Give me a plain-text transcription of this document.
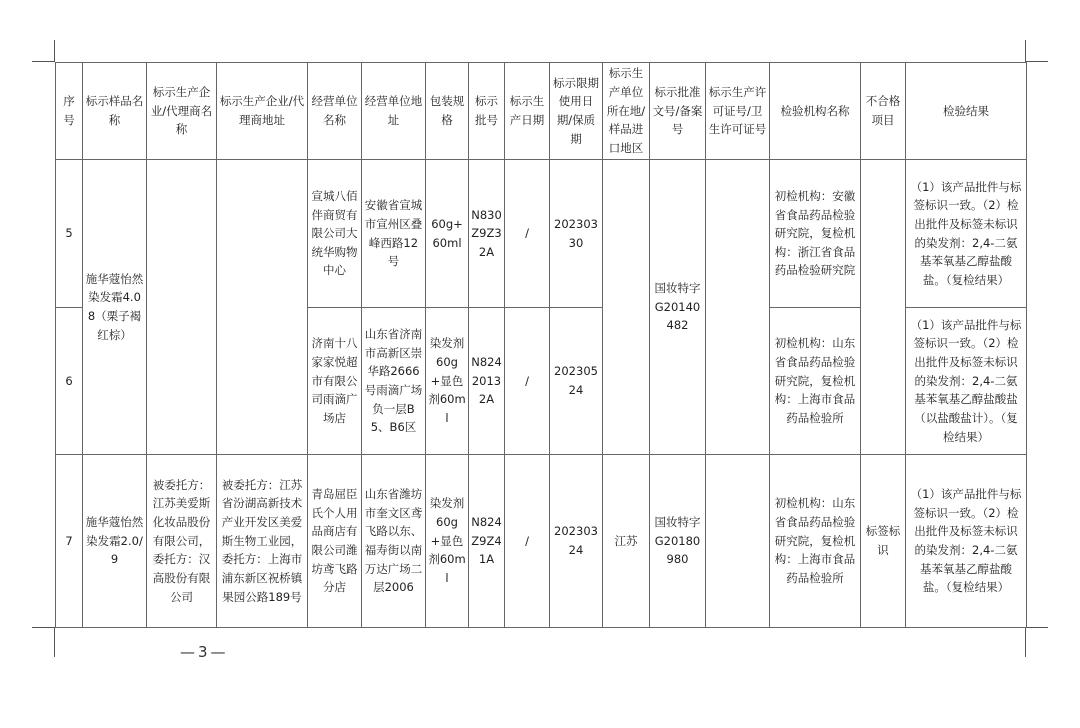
序号	标示样品名称	标示生产企业/代理商名称	标示生产企业/代理商地址	经营单位名称	经营单位地址	包装规格	标示批号	标示生产日期	标示限期使用日期/保质期	标示生产单位所在地/样品进口地区	标示批准文号/备案号	标示生产许可证号/卫生许可证号	检验机构名称	不合格项目	检验结果
5	施华蔻怡然染发霜4.08（栗子褐红棕）			宣城八佰伴商贸有限公司大统华购物中心	安徽省宣城市宣州区叠峰西路12号	60g+60ml	N830Z9Z32A	/	20230330		国妆特字G20140482		初检机构：安徽省食品药品检验研究院，复检机构：浙江省食品药品检验研究院		（1）该产品批件与标签标识一致。（2）检出批件及标签未标识的染发剂：2,4-二氨基苯氧基乙醇盐酸盐。（复检结果）
6				济南十八家家悦超市有限公司雨滴广场店	山东省济南市高新区崇华路2666号雨滴广场负一层B5、B6区	染发剂60g+显色剂60ml	N82420132A	/	20230524				初检机构：山东省食品药品检验研究院，复检机构：上海市食品药品检验所		（1）该产品批件与标签标识一致。（2）检出批件及标签未标识的染发剂：2,4-二氨基苯氧基乙醇盐酸盐（以盐酸盐计）。（复检结果）
7	施华蔻怡然染发霜2.0/9	被委托方：江苏美爱斯化妆品股份有限公司，委托方：汉高股份有限公司	被委托方：江苏省汾湖高新技术产业开发区美爱斯生物工业园，委托方：上海市浦东新区祝桥镇果园公路189号	青岛屈臣氏个人用品商店有限公司潍坊鸢飞路分店	山东省潍坊市奎文区鸢飞路以东、福寿街以南万达广场二层2006	染发剂60g+显色剂60ml	N824Z9Z41A	/	20230324	江苏	国妆特字G20180980		初检机构：山东省食品药品检验研究院，复检机构：上海市食品药品检验所	标签标识	（1）该产品批件与标签标识一致。（2）检出批件及标签未标识的染发剂：2,4-二氨基苯氧基乙醇盐酸盐。（复检结果）
—3—
